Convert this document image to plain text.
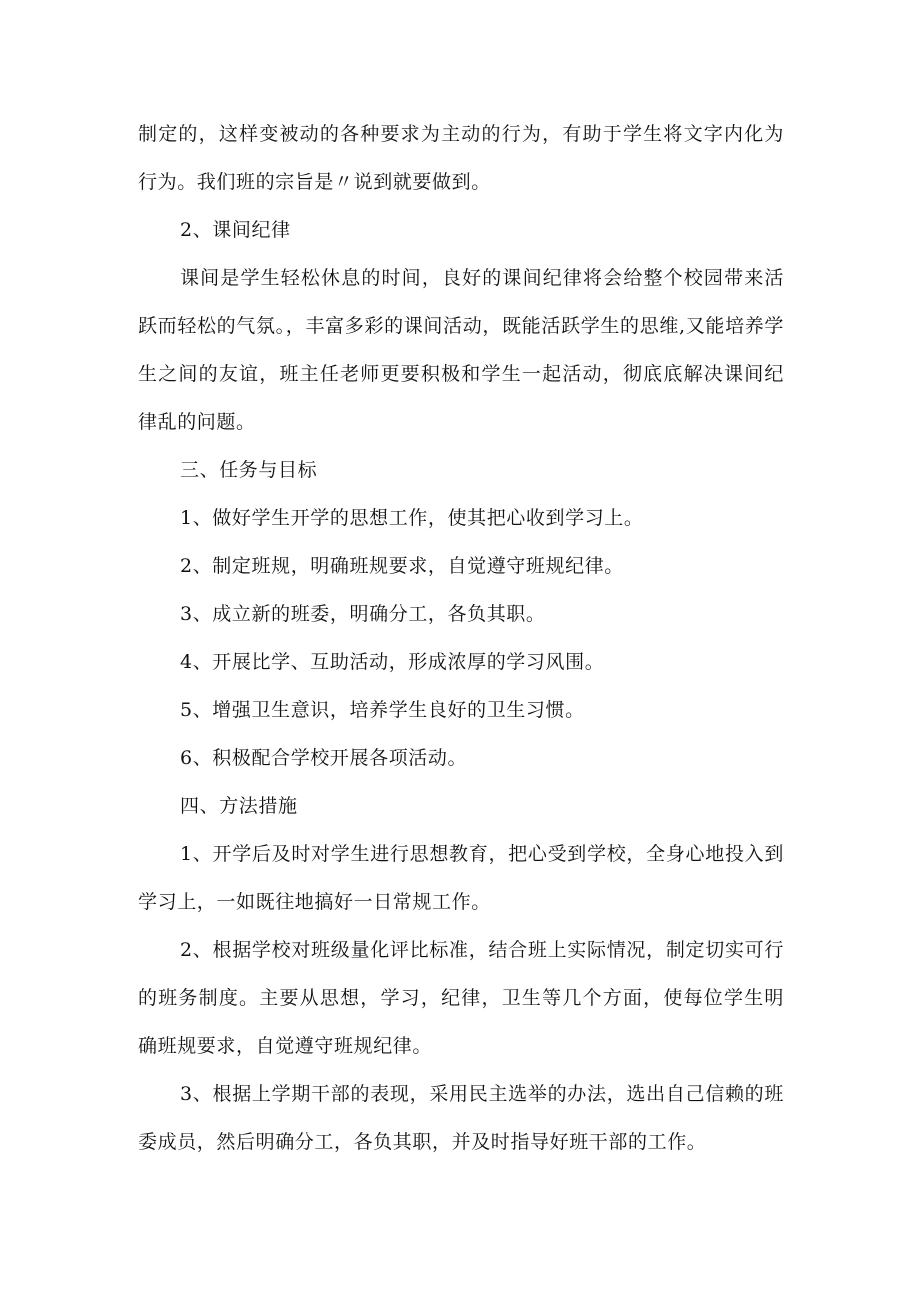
制定的，这样变被动的各种要求为主动的行为，有助于学生将文字内化为行为。我们班的宗旨是〃说到就要做到。

2、课间纪律

课间是学生轻松休息的时间，良好的课间纪律将会给整个校园带来活跃而轻松的气氛。，丰富多彩的课间活动，既能活跃学生的思维,又能培养学生之间的友谊，班主任老师更要积极和学生一起活动，彻底底解决课间纪律乱的问题。

三、任务与目标

1、做好学生开学的思想工作，使其把心收到学习上。

2、制定班规，明确班规要求，自觉遵守班规纪律。

3、成立新的班委，明确分工，各负其职。

4、开展比学、互助活动，形成浓厚的学习风围。

5、增强卫生意识，培养学生良好的卫生习惯。

6、积极配合学校开展各项活动。

四、方法措施

1、开学后及时对学生进行思想教育，把心受到学校，全身心地投入到学习上，一如既往地搞好一日常规工作。

2、根据学校对班级量化评比标准，结合班上实际情况，制定切实可行的班务制度。主要从思想，学习，纪律，卫生等几个方面，使每位学生明确班规要求，自觉遵守班规纪律。

3、根据上学期干部的表现，采用民主选举的办法，选出自己信赖的班委成员，然后明确分工，各负其职，并及时指导好班干部的工作。
